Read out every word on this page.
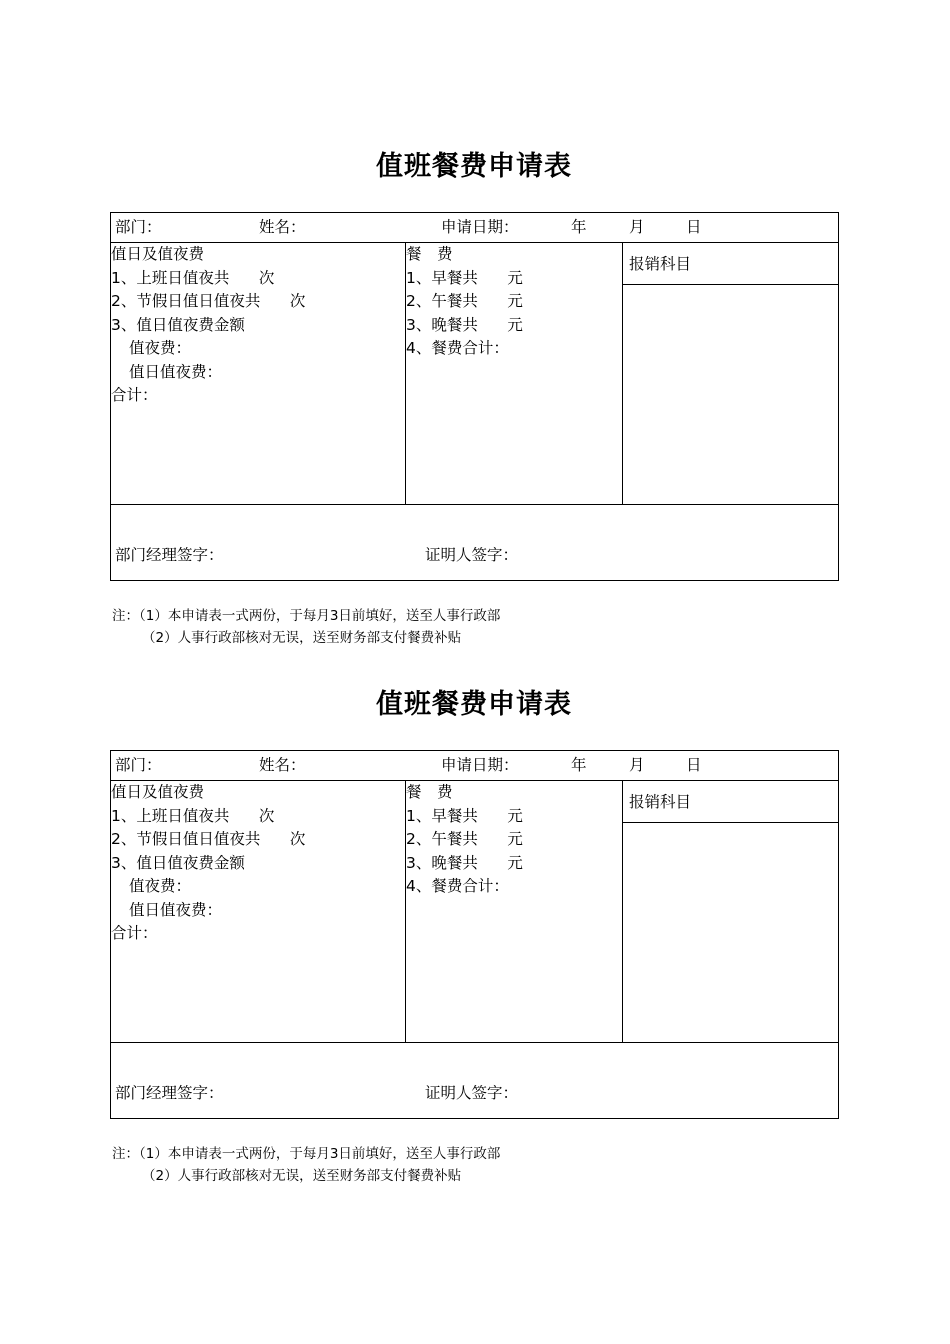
值班餐费申请表
部门：	姓名：	申请日期：	年	月	日

值日及值夜费
1、上班日值夜共      次
2、节假日值日值夜共      次
3、值日值夜费金额
值夜费：
值日值夜费：
合计：

餐　费
1、早餐共      元
2、午餐共      元
3、晚餐共      元
4、餐费合计：

报销科目

部门经理签字：	证明人签字：
注：（1）本申请表一式两份，于每月3日前填好，送至人事行政部
（2）人事行政部核对无误，送至财务部支付餐费补贴
值班餐费申请表
部门：	姓名：	申请日期：	年	月	日

值日及值夜费
1、上班日值夜共      次
2、节假日值日值夜共      次
3、值日值夜费金额
值夜费：
值日值夜费：
合计：

餐　费
1、早餐共      元
2、午餐共      元
3、晚餐共      元
4、餐费合计：

报销科目

部门经理签字：	证明人签字：
注：（1）本申请表一式两份，于每月3日前填好，送至人事行政部
（2）人事行政部核对无误，送至财务部支付餐费补贴
